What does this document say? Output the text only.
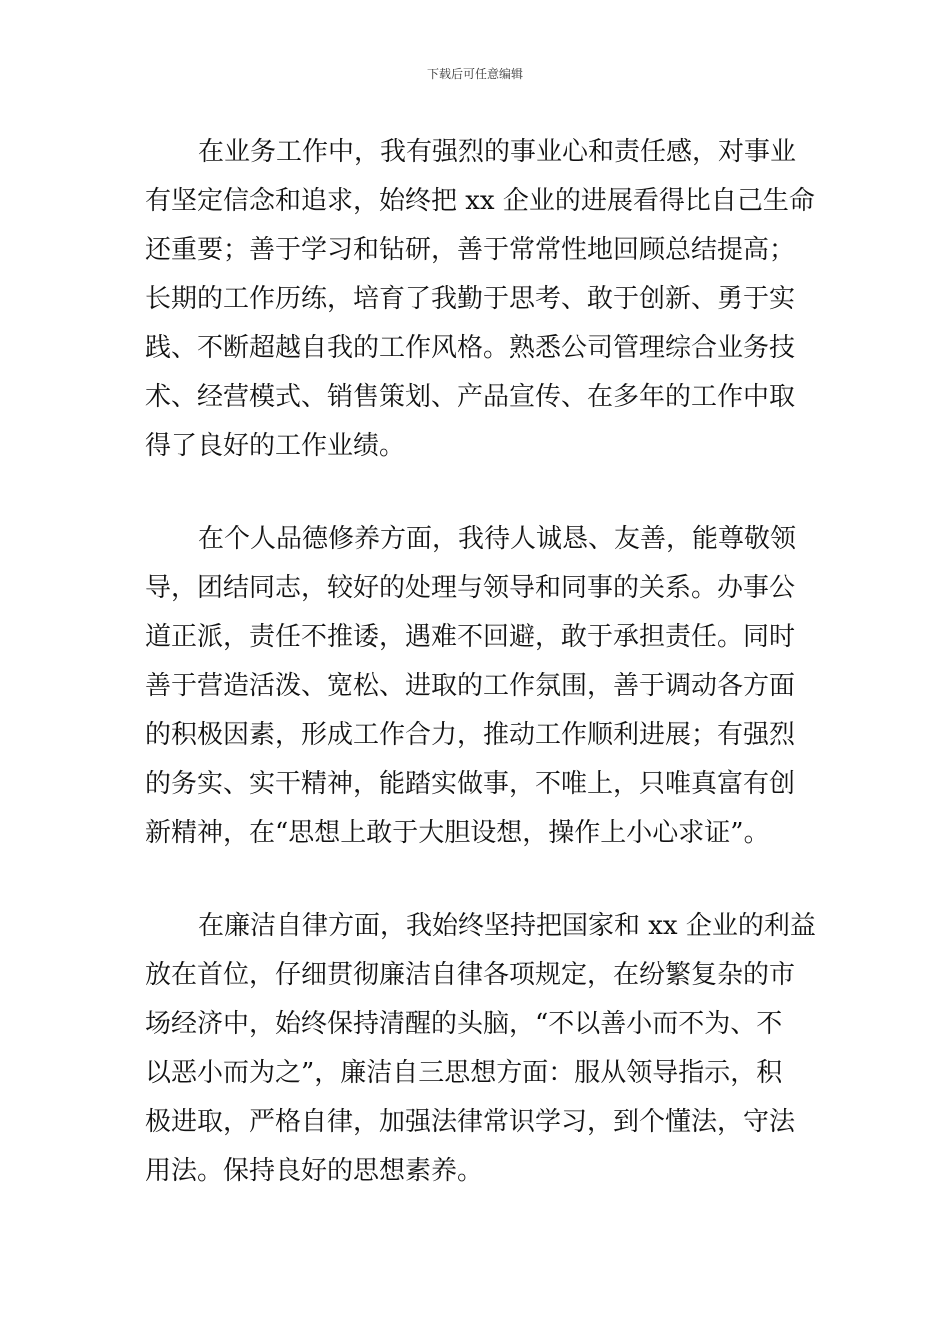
下载后可任意编辑

在业务工作中，我有强烈的事业心和责任感，对事业
有坚定信念和追求，始终把 xx 企业的进展看得比自己生命
还重要；善于学习和钻研，善于常常性地回顾总结提高；
长期的工作历练，培育了我勤于思考、敢于创新、勇于实
践、不断超越自我的工作风格。熟悉公司管理综合业务技
术、经营模式、销售策划、产品宣传、在多年的工作中取
得了良好的工作业绩。

在个人品德修养方面，我待人诚恳、友善，能尊敬领
导，团结同志，较好的处理与领导和同事的关系。办事公
道正派，责任不推诿，遇难不回避，敢于承担责任。同时
善于营造活泼、宽松、进取的工作氛围，善于调动各方面
的积极因素，形成工作合力，推动工作顺利进展；有强烈
的务实、实干精神，能踏实做事，不唯上，只唯真富有创
新精神，在“思想上敢于大胆设想，操作上小心求证”。

在廉洁自律方面，我始终坚持把国家和 xx 企业的利益
放在首位，仔细贯彻廉洁自律各项规定，在纷繁复杂的市
场经济中，始终保持清醒的头脑，“不以善小而不为、不
以恶小而为之”，廉洁自三思想方面：服从领导指示，积
极进取，严格自律，加强法律常识学习，到个懂法，守法
用法。保持良好的思想素养。
